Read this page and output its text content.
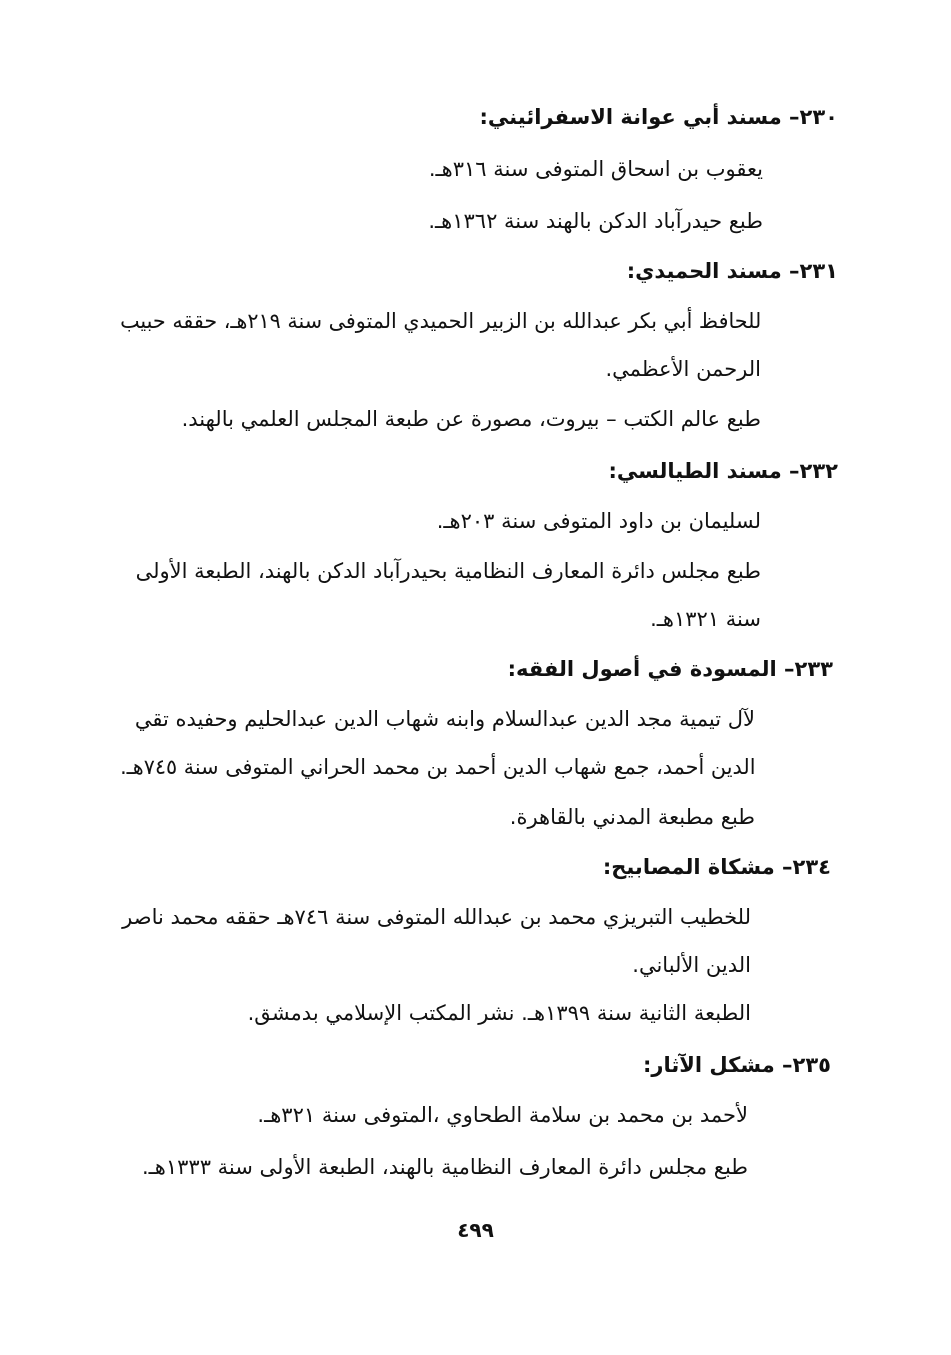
٢٣٠– مسند أبي عوانة الاسفرائيني:
يعقوب بن اسحاق المتوفى سنة ٣١٦هـ.
طبع حيدرآباد الدكن بالهند سنة ١٣٦٢هـ.
٢٣١– مسند الحميدي:
للحافظ أبي بكر عبدالله بن الزبير الحميدي المتوفى سنة ٢١٩هـ، حققه حبيب
الرحمن الأعظمي.
طبع عالم الكتب – بيروت، مصورة عن طبعة المجلس العلمي بالهند.
٢٣٢– مسند الطيالسي:
لسليمان بن داود المتوفى سنة ٢٠٣هـ.
طبع مجلس دائرة المعارف النظامية بحيدرآباد الدكن بالهند، الطبعة الأولى
سنة ١٣٢١هـ.
٢٣٣– المسودة في أصول الفقه:
لآل تيمية مجد الدين عبدالسلام وابنه شهاب الدين عبدالحليم وحفيده تقي
الدين أحمد، جمع شهاب الدين أحمد بن محمد الحراني المتوفى سنة ٧٤٥هـ.
طبع مطبعة المدني بالقاهرة.
٢٣٤– مشكاة المصابيح:
للخطيب التبريزي محمد بن عبدالله المتوفى سنة ٧٤٦هـ حققه محمد ناصر
الدين الألباني.
الطبعة الثانية سنة ١٣٩٩هـ. نشر المكتب الإسلامي بدمشق.
٢٣٥– مشكل الآثار:
لأحمد بن محمد بن سلامة الطحاوي ،المتوفى سنة ٣٢١هـ.
طبع مجلس دائرة المعارف النظامية بالهند، الطبعة الأولى سنة ١٣٣٣هـ.
٤٩٩
